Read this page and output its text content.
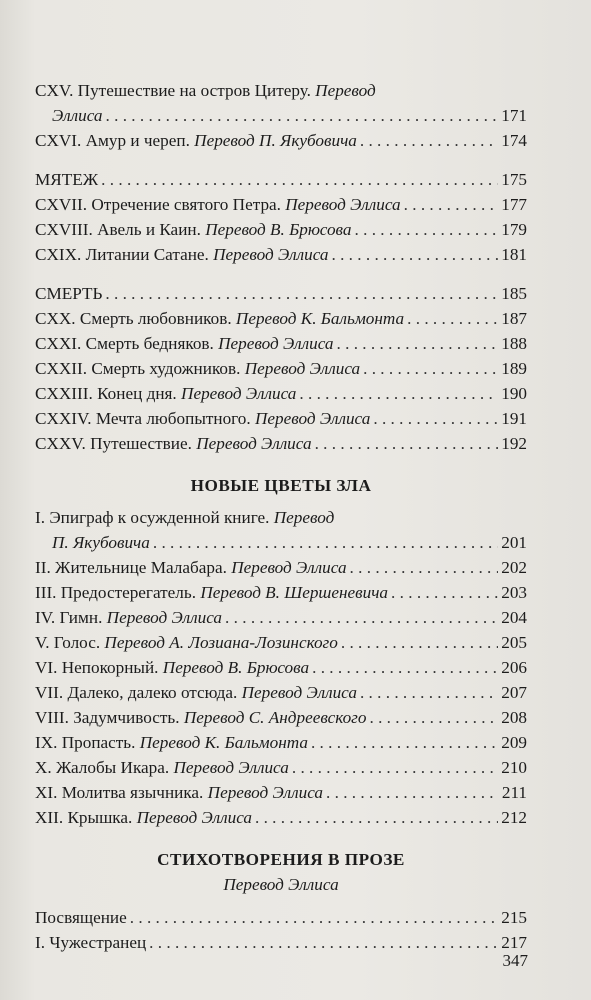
CXV. Путешествие на остров Цитеру. Перевод
Эллиса . . .	171
CXVI. Амур и череп. Перевод П. Якубовича . . .	174
МЯТЕЖ . . .	175
CXVII. Отречение святого Петра. Перевод Эллиса . . .	177
CXVIII. Авель и Каин. Перевод В. Брюсова . . .	179
CXIX. Литании Сатане. Перевод Эллиса . . .	181
СМЕРТЬ . . .	185
CXX. Смерть любовников. Перевод К. Бальмонта . . .	187
CXXI. Смерть бедняков. Перевод Эллиса . . .	188
CXXII. Смерть художников. Перевод Эллиса . . .	189
CXXIII. Конец дня. Перевод Эллиса . . .	190
CXXIV. Мечта любопытного. Перевод Эллиса . . .	191
CXXV. Путешествие. Перевод Эллиса . . .	192
НОВЫЕ ЦВЕТЫ ЗЛА
I. Эпиграф к осужденной книге. Перевод
П. Якубовича . . .	201
II. Жительнице Малабара. Перевод Эллиса . . .	202
III. Предостерегатель. Перевод В. Шершеневича . . .	203
IV. Гимн. Перевод Эллиса . . .	204
V. Голос. Перевод А. Лозиана-Лозинского . . .	205
VI. Непокорный. Перевод В. Брюсова . . .	206
VII. Далеко, далеко отсюда. Перевод Эллиса . . .	207
VIII. Задумчивость. Перевод С. Андреевского . . .	208
IX. Пропасть. Перевод К. Бальмонта . . .	209
X. Жалобы Икара. Перевод Эллиса . . .	210
XI. Молитва язычника. Перевод Эллиса . . .	211
XII. Крышка. Перевод Эллиса . . .	212
СТИХОТВОРЕНИЯ В ПРОЗЕ
Перевод Эллиса
Посвящение . . .	215
I. Чужестранец . . .	217
347
